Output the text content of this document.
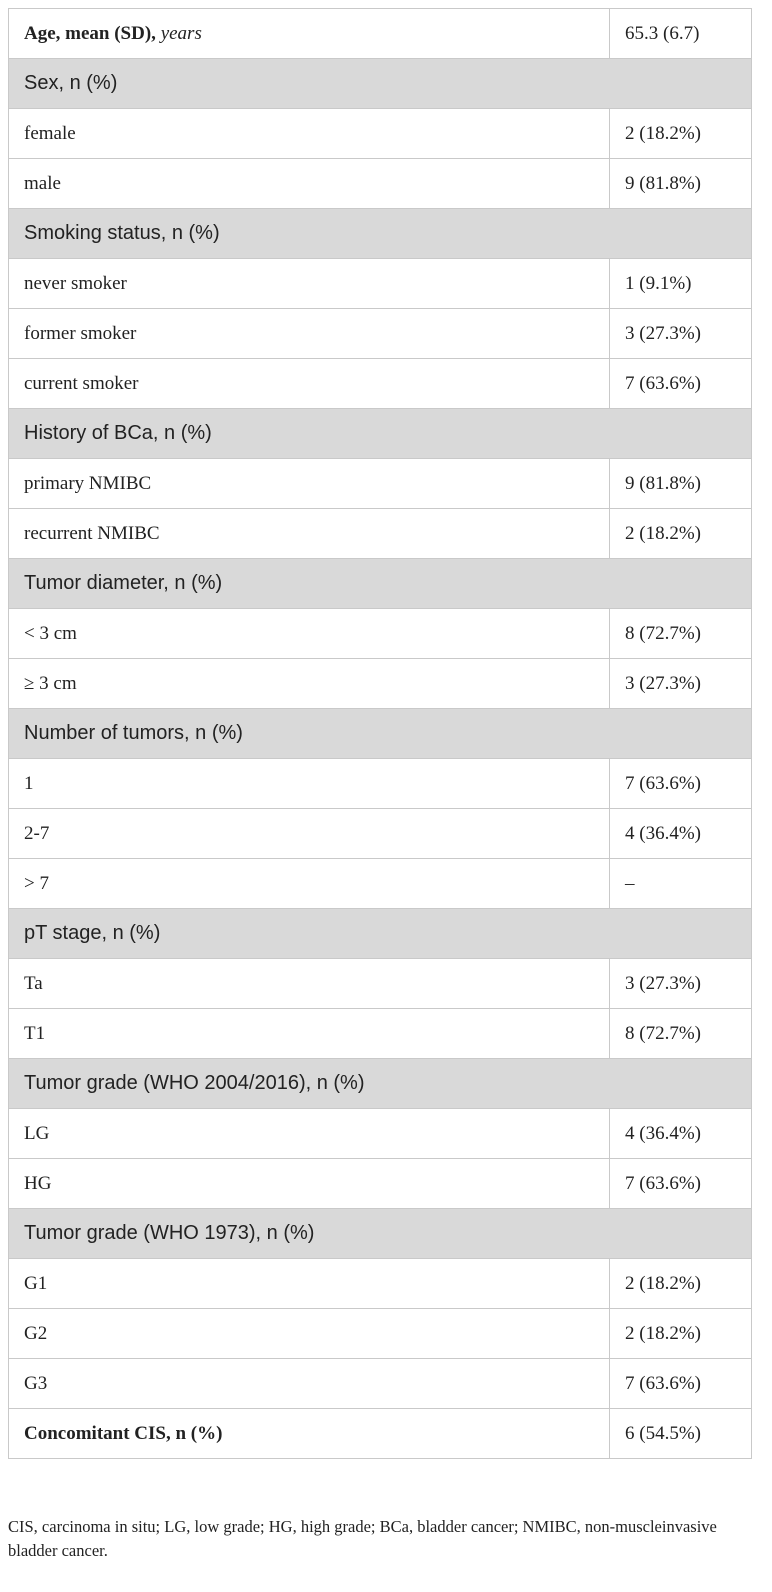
Age, mean (SD), years	65.3 (6.7)
Sex, n (%)	
female	2 (18.2%)
male	9 (81.8%)
Smoking status, n (%)	
never smoker	1 (9.1%)
former smoker	3 (27.3%)
current smoker	7 (63.6%)
History of BCa, n (%)	
primary NMIBC	9 (81.8%)
recurrent NMIBC	2 (18.2%)
Tumor diameter, n (%)	
< 3 cm	8 (72.7%)
≥ 3 cm	3 (27.3%)
Number of tumors, n (%)	
1	7 (63.6%)
2-7	4 (36.4%)
> 7	–
pT stage, n (%)	
Ta	3 (27.3%)
T1	8 (72.7%)
Tumor grade (WHO 2004/2016), n (%)	
LG	4 (36.4%)
HG	7 (63.6%)
Tumor grade (WHO 1973), n (%)	
G1	2 (18.2%)
G2	2 (18.2%)
G3	7 (63.6%)
Concomitant CIS, n (%)	6 (54.5%)
CIS, carcinoma in situ; LG, low grade; HG, high grade; BCa, bladder cancer; NMIBC, non-muscleinvasive bladder cancer.
